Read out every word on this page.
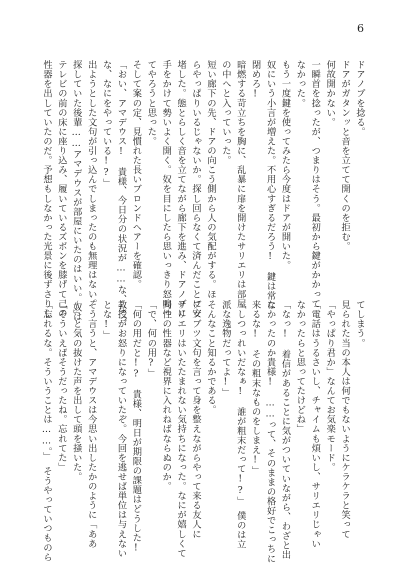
6
ドアノブを捻る。
ドアがガタンッと音を立てて開くのを拒む。
何故開かない。
一瞬首を捻ったが、つまりはそう。最初から鍵がかかって
なかった。
もう一度鍵を使ってみたら今度はドアが開いた。
奴にいう小言が増えた。不用心すぎるだろう!　鍵は常に
閉めろ!
暗燃する苛立ちを胸に、乱暴に扉を開けたサリエリは部屋
の中へと入っていった。
短い廊下の先、ドアの向こう側から人の気配がする。ほ
らやっぱりいるじゃないか。探し回らなくて済んだことに安
堵した。態とらしく音を立てながら廊下を進み、ドアノブに
手をかけて勢いよく開く。奴を目にしたら思いっきり怒鳴っ
てやろうと思った。
そして案の定、見慣れた長いブロンドヘアーを確認。
「おい、アマデウス!　貴様、今日分の状況が……な、なっ
な、なにをやっている!?」
出ようとした文句が引っ込んでしまったのも無理はない。
探していた後輩……アマデウスが部屋にいたのはいい。奴は
テレビの前の床に座り込み、履いているズボンを膝げて己の
性器を出していたのだ。予想もしなかった光景に後ずさりし
てしまう。
見られた当の本人は何でもないようにケラケラと笑って
「やっぱり君か」なんてお気楽モード。
「電話はうるさいし、チャイムも煩いし、サリエリじゃい
なかったらと思ってたけどね」
「なっ!　着信があることに気がついていながら、わざと出
なかったのか貴様!　……って、そのままの格好でこっちに
来るな!　その粗末なものをしまえ!」
「しつっれいだなぁ!　誰が粗末だって!?」　僕のは立
派な逸物だってよ!」
そんなこと知るかである。
ブツブツ文句を言って身を整えながらやって来る友人に
サリエリはいたたまれない気持ちになった。なにが嬉しくて
同性の性器など視界に入れねばならぬのか。
「で、何の用?」
「何の用だと!?　貴様、明日が期限の課題はどうした!
教授がお怒りになっていたぞ。今回を逃せば単位は与えない
とな!」
そう言うと、アマデウスは今思い出したかのように「ああ
〜」と気の抜けた声を出して頭を掻いた。
「そういえばそうだったね。忘れてた」
「忘れるな。そういうことは……。」　そうやっていつものら
